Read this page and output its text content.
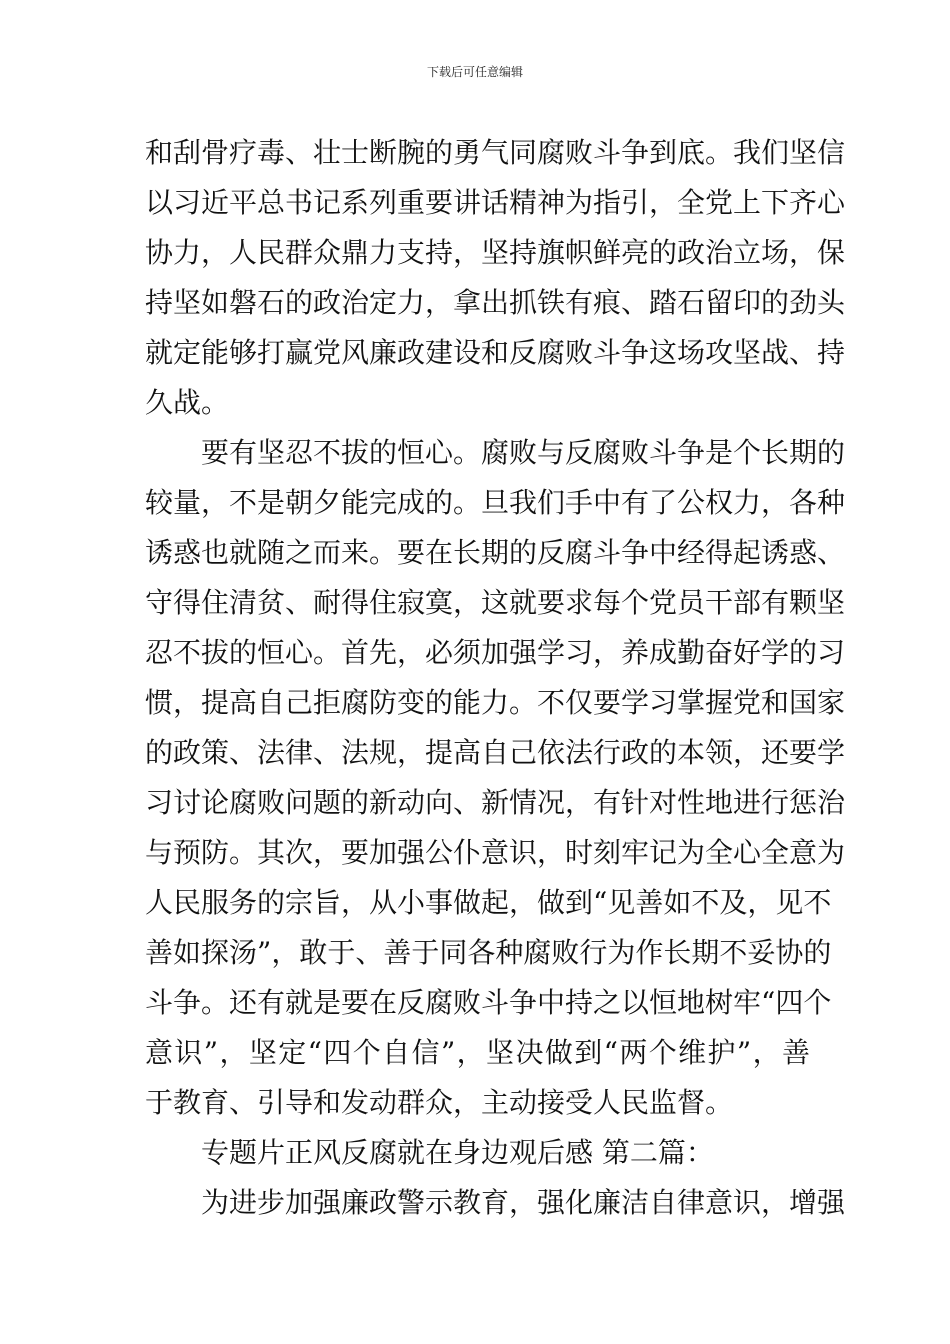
下载后可任意编辑
和刮骨疗毒、壮士断腕的勇气同腐败斗争到底。我们坚信
以习近平总书记系列重要讲话精神为指引，全党上下齐心
协力，人民群众鼎力支持，坚持旗帜鲜亮的政治立场，保
持坚如磐石的政治定力，拿出抓铁有痕、踏石留印的劲头
就定能够打赢党风廉政建设和反腐败斗争这场攻坚战、持
久战。
要有坚忍不拔的恒心。腐败与反腐败斗争是个长期的
较量，不是朝夕能完成的。旦我们手中有了公权力，各种
诱惑也就随之而来。要在长期的反腐斗争中经得起诱惑、
守得住清贫、耐得住寂寞，这就要求每个党员干部有颗坚
忍不拔的恒心。首先，必须加强学习，养成勤奋好学的习
惯，提高自己拒腐防变的能力。不仅要学习掌握党和国家
的政策、法律、法规，提高自己依法行政的本领，还要学
习讨论腐败问题的新动向、新情况，有针对性地进行惩治
与预防。其次，要加强公仆意识，时刻牢记为全心全意为
人民服务的宗旨，从小事做起，做到“见善如不及，见不
善如探汤”，敢于、善于同各种腐败行为作长期不妥协的
斗争。还有就是要在反腐败斗争中持之以恒地树牢“四个
意识”，坚定“四个自信”，坚决做到“两个维护”，善
于教育、引导和发动群众，主动接受人民监督。
专题片正风反腐就在身边观后感 第二篇：
为进步加强廉政警示教育，强化廉洁自律意识，增强
